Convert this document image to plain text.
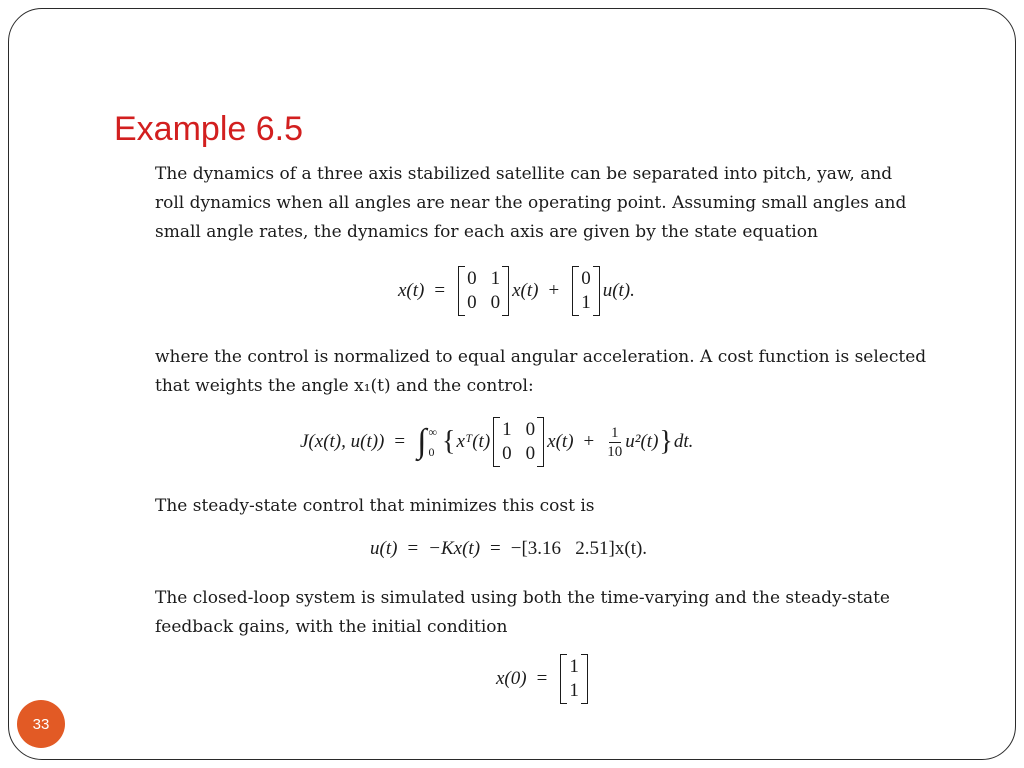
Example 6.5
The dynamics of a three axis stabilized satellite can be separated into pitch, yaw, and
roll dynamics when all angles are near the operating point. Assuming small angles and
small angle rates, the dynamics for each axis are given by the state equation
x(t) =
0 1
0 0
x(t) +
0
1
u(t).
where the control is normalized to equal angular acceleration. A cost function is selected
that weights the angle x₁(t) and the control:
J(x(t), u(t)) = ∫ ∞
0 { xᵀ(t)
1 0
0 0
$x(t) + \frac{1}{10} u^2(t)$ } dt.
The steady-state control that minimizes this cost is
u(t) = −Kx(t) = −[3.16   2.51]x(t).
The closed-loop system is simulated using both the time-varying and the steady-state
feedback gains, with the initial condition
x(0) =
1
1
33
